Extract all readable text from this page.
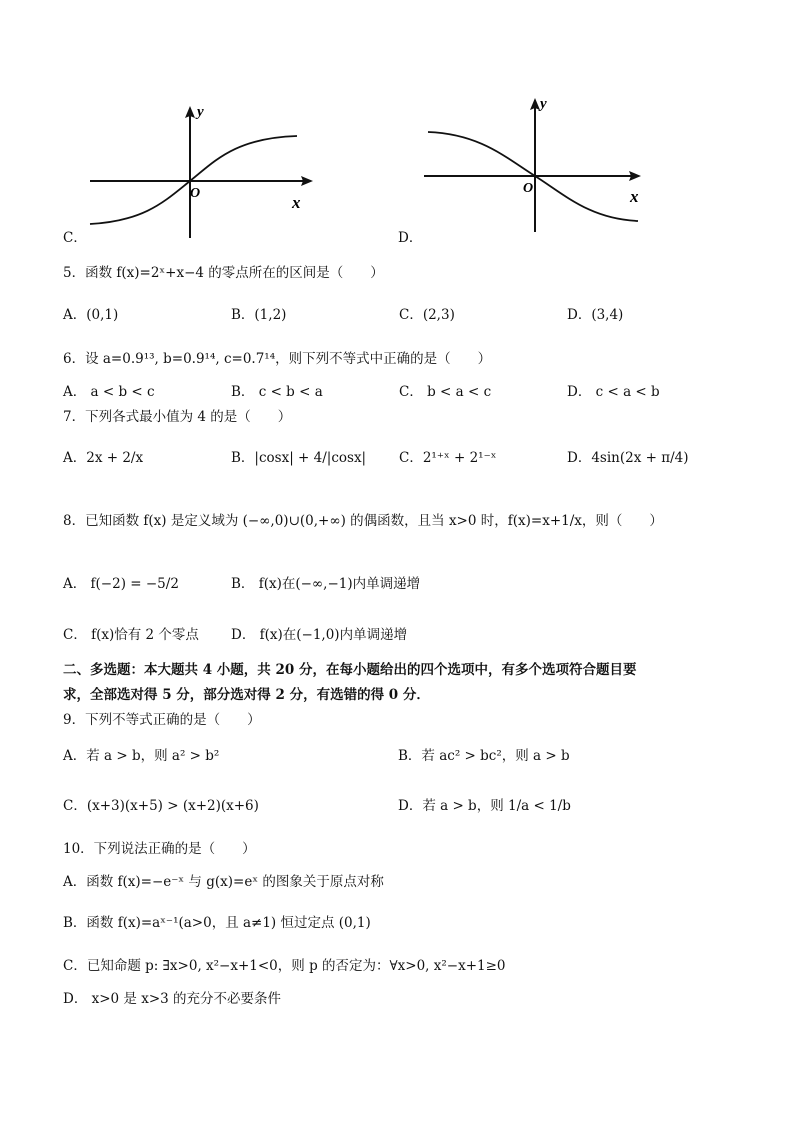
y
O	x
C．
y
O	x
D．
5．函数 f(x)=2ˣ+x−4 的零点所在的区间是（　　）
A．(0,1)	B．(1,2)	C．(2,3)	D．(3,4)
6．设 a=0.9¹³, b=0.9¹⁴, c=0.7¹⁴，则下列不等式中正确的是（　　）
A． a < b < c	B． c < b < a	C． b < a < c	D． c < a < b
7．下列各式最小值为 4 的是（　　）
A．2x + 2/x	B．|cosx| + 4/|cosx| C．2¹⁺ˣ + 2¹⁻ˣ	D．4sin(2x + π/4)
8．已知函数 f(x) 是定义域为 (−∞,0)∪(0,+∞) 的偶函数，且当 x>0 时，f(x)=x+1/x，则（　　）
A． f(−2) = −5/2	B． f(x)在(−∞,−1)内单调递增
C． f(x)恰有 2 个零点 D． f(x)在(−1,0)内单调递增
二、多选题：本大题共 4 小题，共 20 分，在每小题给出的四个选项中，有多个选项符合题目要
求，全部选对得 5 分，部分选对得 2 分，有选错的得 0 分．
9．下列不等式正确的是（　　）
A．若 a > b，则 a² > b²	B．若 ac² > bc²，则 a > b
C．(x+3)(x+5) > (x+2)(x+6)	D．若 a > b，则 1/a < 1/b
10．下列说法正确的是（　　）
A．函数 f(x)=−e⁻ˣ 与 g(x)=eˣ 的图象关于原点对称
B．函数 f(x)=aˣ⁻¹(a>0，且 a≠1) 恒过定点 (0,1)
C．已知命题 p: ∃x>0, x²−x+1<0，则 p 的否定为：∀x>0, x²−x+1≥0
D． x>0 是 x>3 的充分不必要条件
